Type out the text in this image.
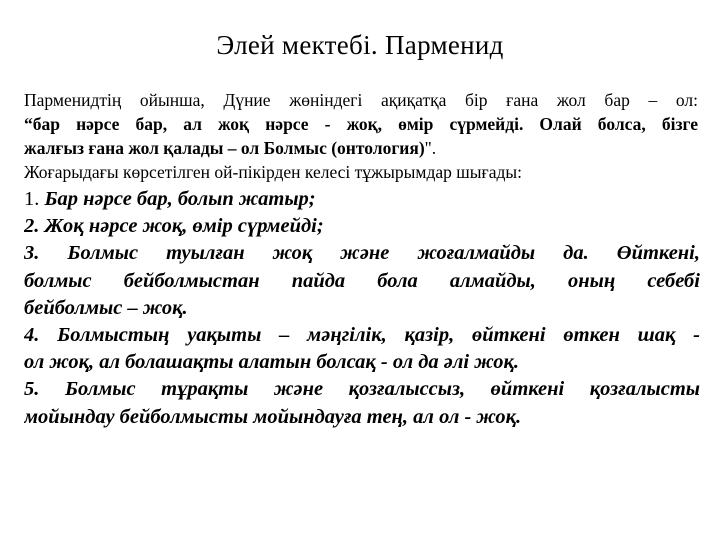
Элей мектебі. Парменид
Парменидтің ойынша, Дүние жөніндегі ақиқатқа бір ғана жол бар – ол:
“бар нәрсе бар, ал жоқ нәрсе - жоқ, өмір сүрмейді. Олай болса, бізге
жалғыз ғана жол қалады – ол Болмыс (онтология)".
Жоғарыдағы көрсетілген ой-пікірден келесі тұжырымдар шығады:
1. Бар нәрсе бар, болып жатыр;
2. Жоқ нәрсе жоқ, өмір сүрмейді;
3. Болмыс туылған жоқ және жоғалмайды да. Өйткені,
болмыс бейболмыстан пайда бола алмайды, оның себебі
бейболмыс – жоқ.
4. Болмыстың уақыты – мәңгілік, қазір, өйткені өткен шақ -
ол жоқ, ал болашақты алатын болсақ - ол да әлі жоқ.
5. Болмыс тұрақты және қозғалыссыз, өйткені қозғалысты
мойындау бейболмысты мойындауға тең, ал ол - жоқ.
